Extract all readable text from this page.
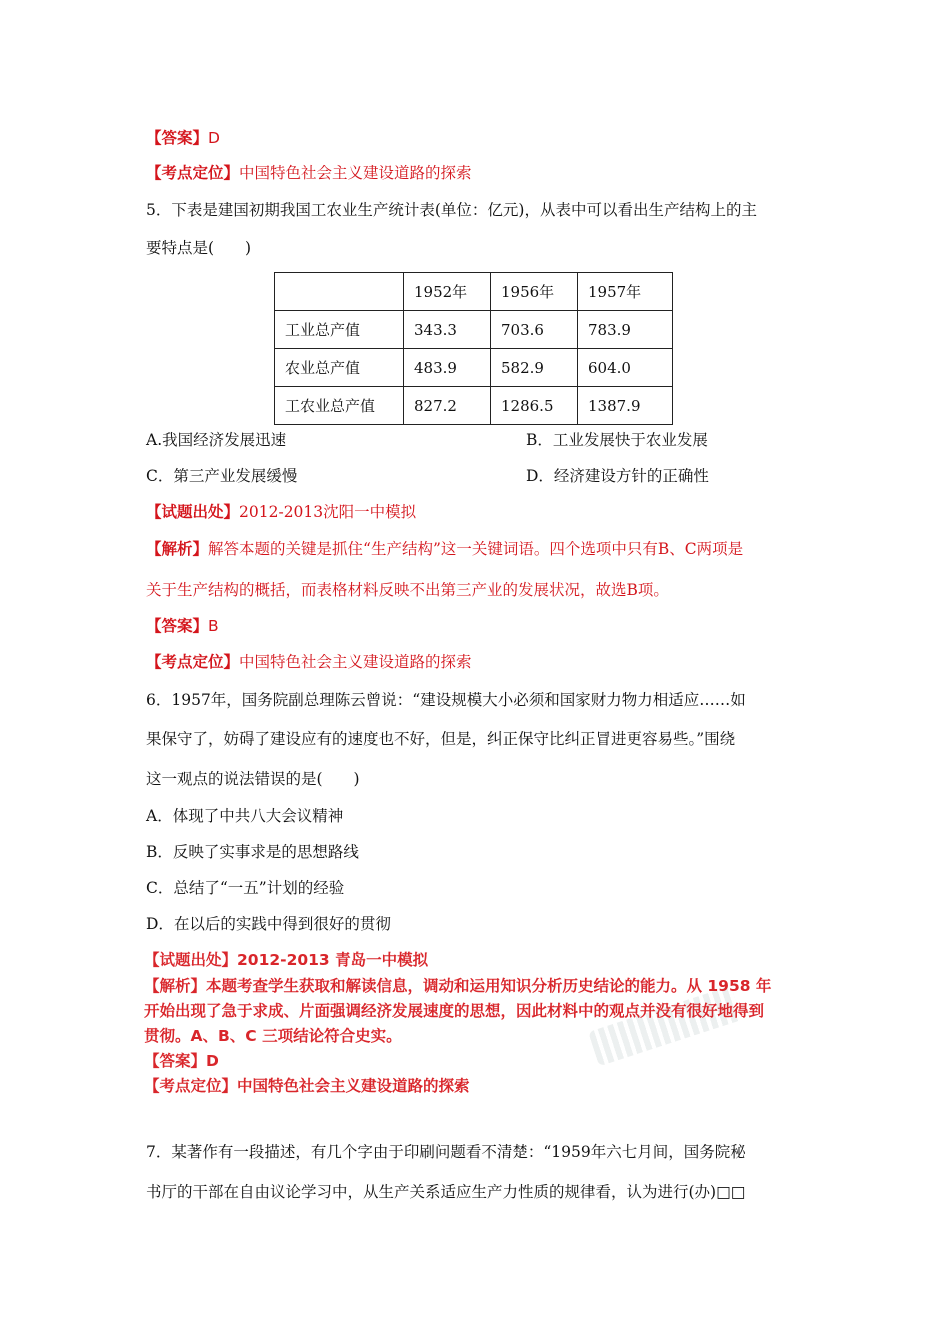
【答案】D
【考点定位】中国特色社会主义建设道路的探索
5．下表是建国初期我国工农业生产统计表(单位：亿元)，从表中可以看出生产结构上的主
要特点是(　　)
	1952年	1956年	1957年
工业总产值	343.3	703.6	783.9
农业总产值	483.9	582.9	604.0
工农业总产值	827.2	1286.5	1387.9
A.我国经济发展迅速	B．工业发展快于农业发展
C．第三产业发展缓慢	D．经济建设方针的正确性
【试题出处】2012-2013沈阳一中模拟
【解析】解答本题的关键是抓住“生产结构”这一关键词语。四个选项中只有B、C两项是
关于生产结构的概括，而表格材料反映不出第三产业的发展状况，故选B项。
【答案】B
【考点定位】中国特色社会主义建设道路的探索
6．1957年，国务院副总理陈云曾说：“建设规模大小必须和国家财力物力相适应……如
果保守了，妨碍了建设应有的速度也不好，但是，纠正保守比纠正冒进更容易些。”围绕
这一观点的说法错误的是(　　)
A．体现了中共八大会议精神
B．反映了实事求是的思想路线
C．总结了“一五”计划的经验
D．在以后的实践中得到很好的贯彻
【试题出处】2012-2013 青岛一中模拟
【解析】本题考查学生获取和解读信息，调动和运用知识分析历史结论的能力。从 1958 年
开始出现了急于求成、片面强调经济发展速度的思想，因此材料中的观点并没有很好地得到
贯彻。A、B、C 三项结论符合史实。
【答案】D
【考点定位】中国特色社会主义建设道路的探索
7．某著作有一段描述，有几个字由于印刷问题看不清楚：“1959年六七月间，国务院秘
书厅的干部在自由议论学习中，从生产关系适应生产力性质的规律看，认为进行(办)□□
